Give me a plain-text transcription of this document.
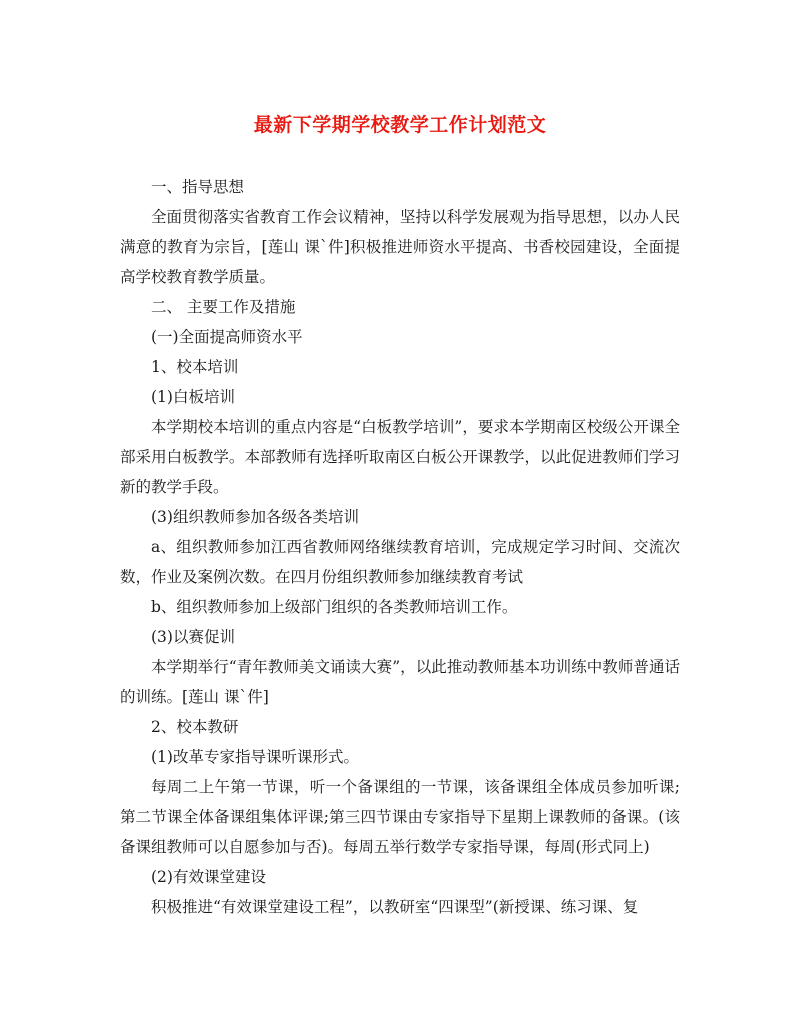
最新下学期学校教学工作计划范文

一、指导思想

全面贯彻落实省教育工作会议精神，坚持以科学发展观为指导思想，以办人民满意的教育为宗旨，[莲山 课`件]积极推进师资水平提高、书香校园建设，全面提高学校教育教学质量。

二、 主要工作及措施

(一)全面提高师资水平

1、校本培训

(1)白板培训

本学期校本培训的重点内容是“白板教学培训”，要求本学期南区校级公开课全部采用白板教学。本部教师有选择听取南区白板公开课教学，以此促进教师们学习新的教学手段。

(3)组织教师参加各级各类培训

a、组织教师参加江西省教师网络继续教育培训，完成规定学习时间、交流次数，作业及案例次数。在四月份组织教师参加继续教育考试

b、组织教师参加上级部门组织的各类教师培训工作。

(3)以赛促训

本学期举行“青年教师美文诵读大赛”，以此推动教师基本功训练中教师普通话的训练。[莲山 课`件]

2、校本教研

(1)改革专家指导课听课形式。

每周二上午第一节课，听一个备课组的一节课，该备课组全体成员参加听课;第二节课全体备课组集体评课;第三四节课由专家指导下星期上课教师的备课。(该备课组教师可以自愿参加与否)。每周五举行数学专家指导课，每周(形式同上)

(2)有效课堂建设

积极推进“有效课堂建设工程”，以教研室“四课型”(新授课、练习课、复
